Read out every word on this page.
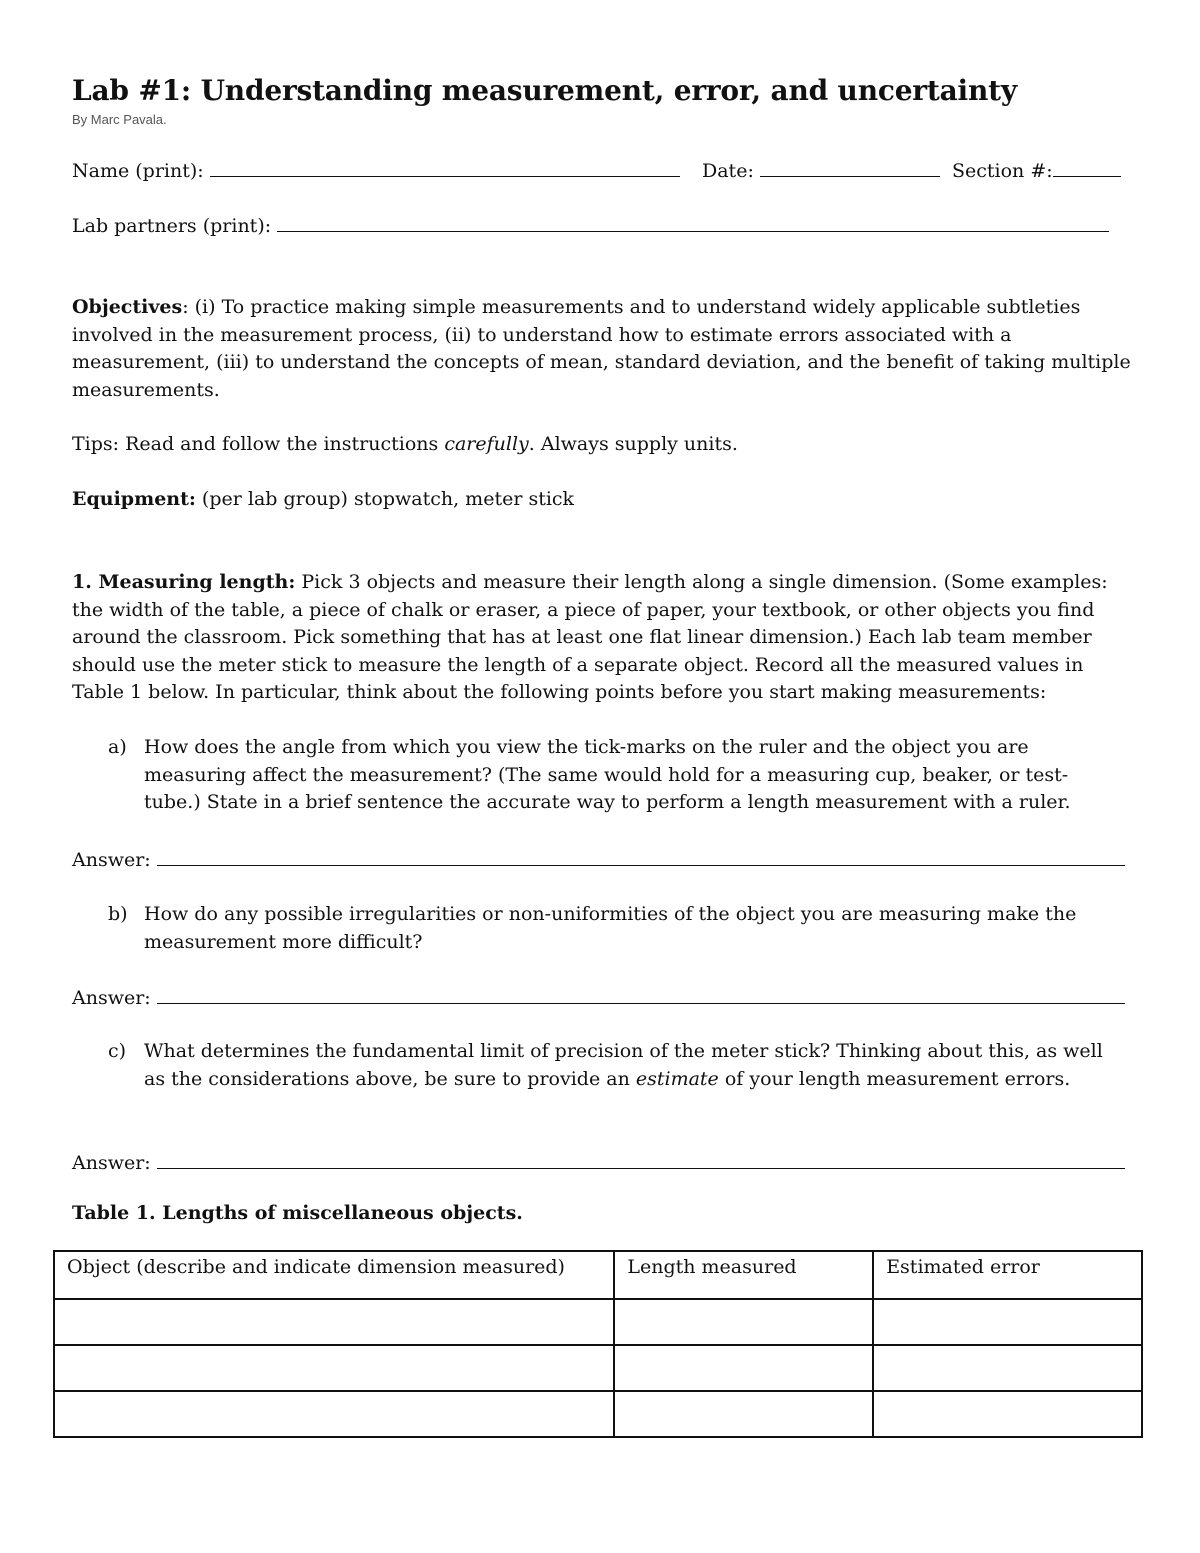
Lab #1: Understanding measurement, error, and uncertainty
By Marc Pavala.
Name (print):	Date:	Section #:
Lab partners (print):
Objectives: (i) To practice making simple measurements and to understand widely applicable subtleties involved in the measurement process, (ii) to understand how to estimate errors associated with a measurement, (iii) to understand the concepts of mean, standard deviation, and the benefit of taking multiple measurements.
Tips: Read and follow the instructions carefully. Always supply units.
Equipment: (per lab group) stopwatch, meter stick
1. Measuring length: Pick 3 objects and measure their length along a single dimension. (Some examples: the width of the table, a piece of chalk or eraser, a piece of paper, your textbook, or other objects you find around the classroom. Pick something that has at least one flat linear dimension.) Each lab team member should use the meter stick to measure the length of a separate object. Record all the measured values in Table 1 below. In particular, think about the following points before you start making measurements:
a) How does the angle from which you view the tick-marks on the ruler and the object you are measuring affect the measurement? (The same would hold for a measuring cup, beaker, or test-tube.) State in a brief sentence the accurate way to perform a length measurement with a ruler.
Answer:
b) How do any possible irregularities or non-uniformities of the object you are measuring make the measurement more difficult?
Answer:
c) What determines the fundamental limit of precision of the meter stick? Thinking about this, as well as the considerations above, be sure to provide an estimate of your length measurement errors.
Answer:
Table 1. Lengths of miscellaneous objects.
Object (describe and indicate dimension measured)	Length measured	Estimated error
